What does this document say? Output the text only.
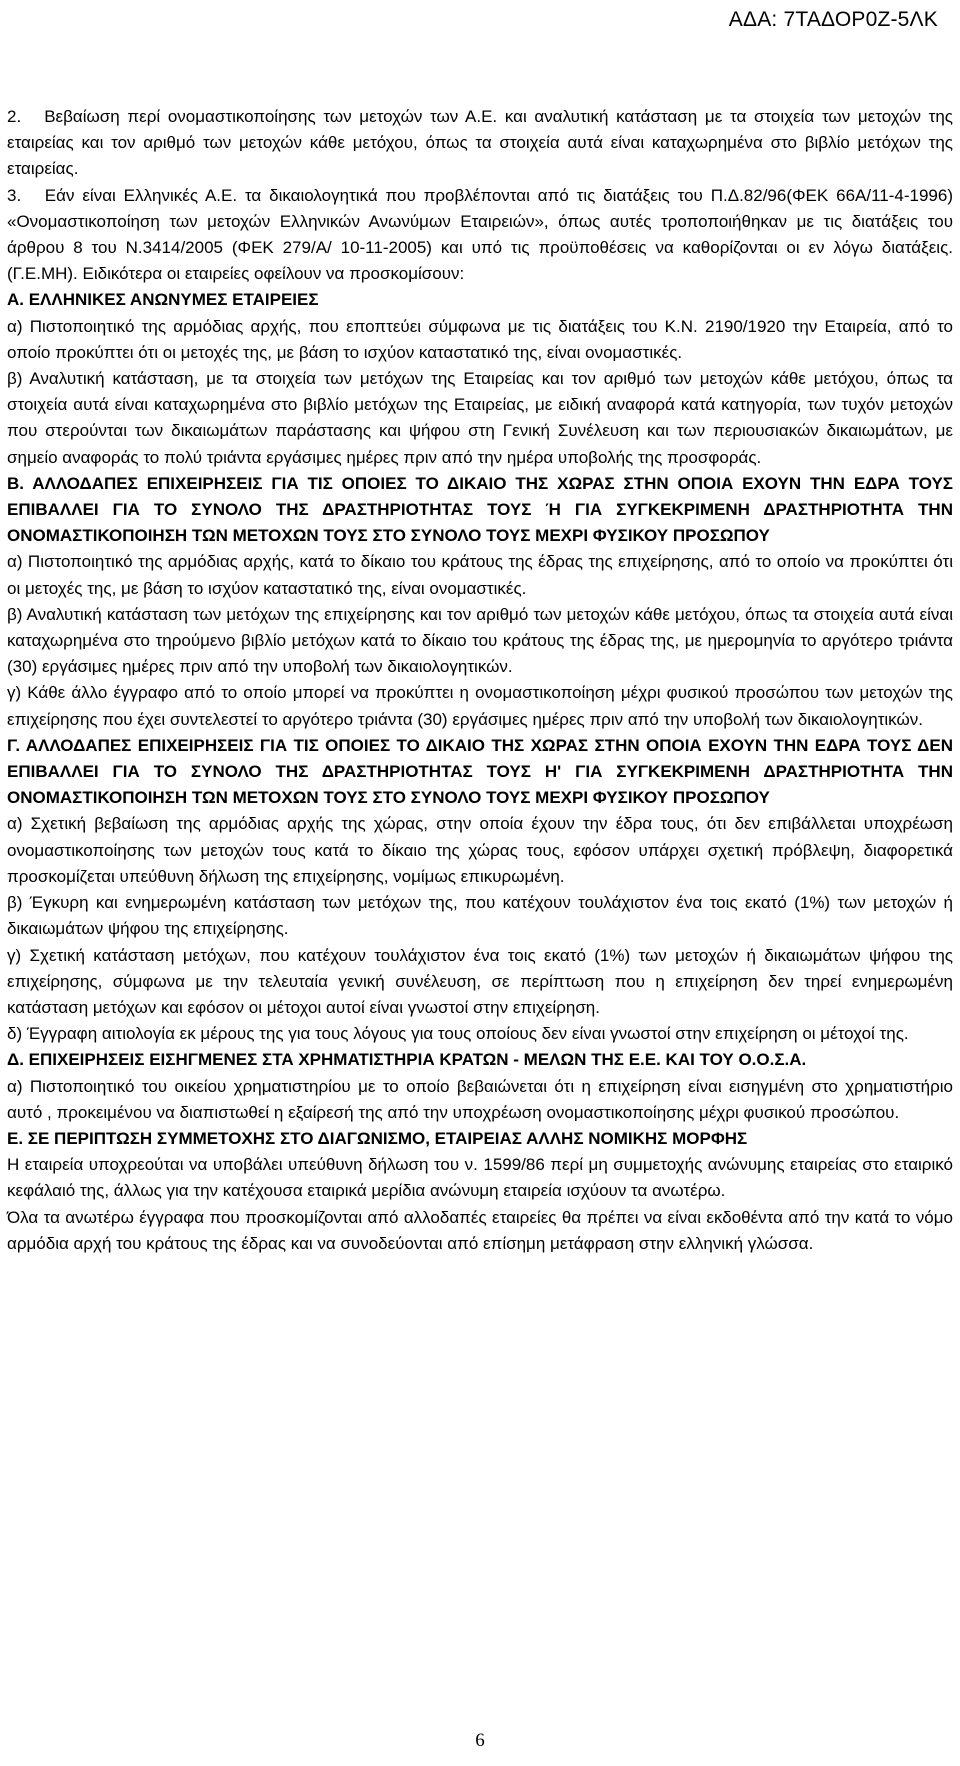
ΑΔΑ: 7ΤΑΔΟΡ0Ζ-5ΛΚ

2.   Βεβαίωση περί ονομαστικοποίησης των μετοχών των Α.Ε. και αναλυτική κατάσταση με τα στοιχεία των μετοχών της εταιρείας και τον αριθμό των μετοχών κάθε μετόχου, όπως τα στοιχεία αυτά είναι καταχωρημένα στο βιβλίο μετόχων της εταιρείας.

3.   Εάν είναι Ελληνικές Α.Ε. τα δικαιολογητικά που προβλέπονται από τις διατάξεις του Π.Δ.82/96(ΦΕΚ 66Α/11-4-1996) «Ονομαστικοποίηση των μετοχών Ελληνικών Ανωνύμων Εταιρειών», όπως αυτές τροποποιήθηκαν με τις διατάξεις του άρθρου 8 του Ν.3414/2005 (ΦΕΚ 279/Α/ 10-11-2005) και υπό τις προϋποθέσεις να καθορίζονται οι εν λόγω διατάξεις. (Γ.Ε.ΜΗ). Ειδικότερα οι εταιρείες οφείλουν να προσκομίσουν:

Α. ΕΛΛΗΝΙΚΕΣ ΑΝΩΝΥΜΕΣ ΕΤΑΙΡΕΙΕΣ

α) Πιστοποιητικό της αρμόδιας αρχής, που εποπτεύει σύμφωνα με τις διατάξεις του Κ.Ν. 2190/1920 την Εταιρεία, από το οποίο προκύπτει ότι οι μετοχές της, με βάση το ισχύον καταστατικό της, είναι ονομαστικές.

β) Αναλυτική κατάσταση, με τα στοιχεία των μετόχων της Εταιρείας και τον αριθμό των μετοχών κάθε μετόχου, όπως τα στοιχεία αυτά είναι καταχωρημένα στο βιβλίο μετόχων της Εταιρείας, με ειδική αναφορά κατά κατηγορία, των τυχόν μετοχών που στερούνται των δικαιωμάτων παράστασης και ψήφου στη Γενική Συνέλευση και των περιουσιακών δικαιωμάτων, με σημείο αναφοράς το πολύ τριάντα εργάσιμες ημέρες πριν από την ημέρα υποβολής της προσφοράς.

Β. ΑΛΛΟΔΑΠΕΣ ΕΠΙΧΕΙΡΗΣΕΙΣ ΓΙΑ ΤΙΣ ΟΠΟΙΕΣ ΤΟ ΔΙΚΑΙΟ ΤΗΣ ΧΩΡΑΣ ΣΤΗΝ ΟΠΟΙΑ ΕΧΟΥΝ ΤΗΝ ΕΔΡΑ ΤΟΥΣ ΕΠΙΒΑΛΛΕΙ ΓΙΑ ΤΟ ΣΥΝΟΛΟ ΤΗΣ ΔΡΑΣΤΗΡΙΟΤΗΤΑΣ ΤΟΥΣ Ή ΓΙΑ ΣΥΓΚΕΚΡΙΜΕΝΗ ΔΡΑΣΤΗΡΙΟΤΗΤΑ ΤΗΝ ΟΝΟΜΑΣΤΙΚΟΠΟΙΗΣΗ ΤΩΝ ΜΕΤΟΧΩΝ ΤΟΥΣ ΣΤΟ ΣΥΝΟΛΟ ΤΟΥΣ ΜΕΧΡΙ ΦΥΣΙΚΟΥ ΠΡΟΣΩΠΟΥ

α) Πιστοποιητικό της αρμόδιας αρχής, κατά το δίκαιο του κράτους της έδρας της επιχείρησης, από το οποίο να προκύπτει ότι οι μετοχές της, με βάση το ισχύον καταστατικό της, είναι ονομαστικές.

β) Αναλυτική κατάσταση των μετόχων της επιχείρησης και τον αριθμό των μετοχών κάθε μετόχου, όπως τα στοιχεία αυτά είναι καταχωρημένα στο τηρούμενο βιβλίο μετόχων κατά το δίκαιο του κράτους της έδρας της, με ημερομηνία το αργότερο τριάντα (30) εργάσιμες ημέρες πριν από την υποβολή των δικαιολογητικών.

γ) Κάθε άλλο έγγραφο από το οποίο μπορεί να προκύπτει η ονομαστικοποίηση μέχρι φυσικού προσώπου των μετοχών της επιχείρησης που έχει συντελεστεί το αργότερο τριάντα (30) εργάσιμες ημέρες πριν από την υποβολή των δικαιολογητικών.

Γ. ΑΛΛΟΔΑΠΕΣ ΕΠΙΧΕΙΡΗΣΕΙΣ ΓΙΑ ΤΙΣ ΟΠΟΙΕΣ ΤΟ ΔΙΚΑΙΟ ΤΗΣ ΧΩΡΑΣ ΣΤΗΝ ΟΠΟΙΑ ΕΧΟΥΝ ΤΗΝ ΕΔΡΑ ΤΟΥΣ ΔΕΝ ΕΠΙΒΑΛΛΕΙ ΓΙΑ ΤΟ ΣΥΝΟΛΟ ΤΗΣ ΔΡΑΣΤΗΡΙΟΤΗΤΑΣ ΤΟΥΣ Η' ΓΙΑ ΣΥΓΚΕΚΡΙΜΕΝΗ ΔΡΑΣΤΗΡΙΟΤΗΤΑ ΤΗΝ ΟΝΟΜΑΣΤΙΚΟΠΟΙΗΣΗ ΤΩΝ ΜΕΤΟΧΩΝ ΤΟΥΣ ΣΤΟ ΣΥΝΟΛΟ ΤΟΥΣ ΜΕΧΡΙ ΦΥΣΙΚΟΥ ΠΡΟΣΩΠΟΥ

α) Σχετική βεβαίωση της αρμόδιας αρχής της χώρας, στην οποία έχουν την έδρα τους, ότι δεν επιβάλλεται υποχρέωση ονομαστικοποίησης των μετοχών τους κατά το δίκαιο της χώρας τους, εφόσον υπάρχει σχετική πρόβλεψη, διαφορετικά προσκομίζεται υπεύθυνη δήλωση της επιχείρησης, νομίμως επικυρωμένη.

β) Έγκυρη και ενημερωμένη κατάσταση των μετόχων της, που κατέχουν τουλάχιστον ένα τοις εκατό (1%) των μετοχών ή δικαιωμάτων ψήφου της επιχείρησης.

γ) Σχετική κατάσταση μετόχων, που κατέχουν τουλάχιστον ένα τοις εκατό (1%) των μετοχών ή δικαιωμάτων ψήφου της επιχείρησης, σύμφωνα με την τελευταία γενική συνέλευση, σε περίπτωση που η επιχείρηση δεν τηρεί ενημερωμένη κατάσταση μετόχων και εφόσον οι μέτοχοι αυτοί είναι γνωστοί στην επιχείρηση.

δ) Έγγραφη αιτιολογία εκ μέρους της για τους λόγους για τους οποίους δεν είναι γνωστοί στην επιχείρηση οι μέτοχοί της.

Δ. ΕΠΙΧΕΙΡΗΣΕΙΣ ΕΙΣΗΓΜΕΝΕΣ ΣΤΑ ΧΡΗΜΑΤΙΣΤΗΡΙΑ ΚΡΑΤΩΝ - ΜΕΛΩΝ ΤΗΣ Ε.Ε. ΚΑΙ ΤΟΥ Ο.Ο.Σ.Α.

α) Πιστοποιητικό του οικείου χρηματιστηρίου με το οποίο βεβαιώνεται ότι η επιχείρηση είναι εισηγμένη στο χρηματιστήριο αυτό , προκειμένου να διαπιστωθεί η εξαίρεσή της από την υποχρέωση ονομαστικοποίησης μέχρι φυσικού προσώπου.

Ε. ΣΕ ΠΕΡΙΠΤΩΣΗ ΣΥΜΜΕΤΟΧΗΣ ΣΤΟ ΔΙΑΓΩΝΙΣΜΟ, ΕΤΑΙΡΕΙΑΣ ΑΛΛΗΣ ΝΟΜΙΚΗΣ ΜΟΡΦΗΣ

Η εταιρεία υποχρεούται να υποβάλει υπεύθυνη δήλωση του ν. 1599/86 περί μη συμμετοχής ανώνυμης εταιρείας στο εταιρικό κεφάλαιό της, άλλως για την κατέχουσα εταιρικά μερίδια ανώνυμη εταιρεία ισχύουν τα ανωτέρω.

Όλα τα ανωτέρω έγγραφα που προσκομίζονται από αλλοδαπές εταιρείες θα πρέπει να είναι εκδοθέντα από την κατά το νόμο αρμόδια αρχή του κράτους της έδρας και να συνοδεύονται από επίσημη μετάφραση στην ελληνική γλώσσα.

6
